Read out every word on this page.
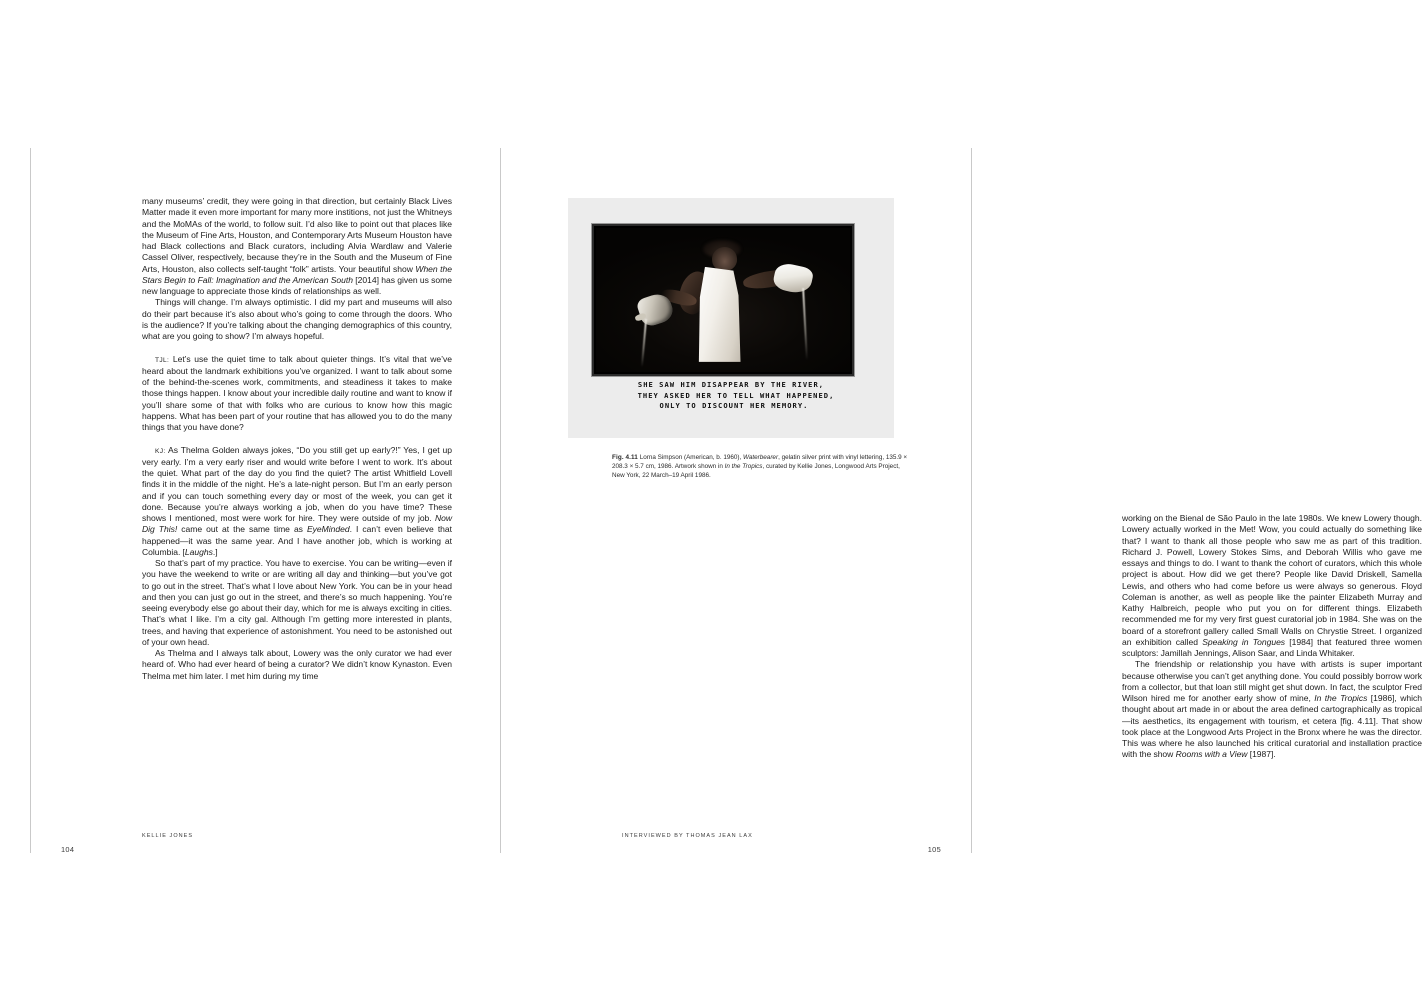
many museums’ credit, they were going in that direction, but certainly Black Lives Matter made it even more important for many more institions, not just the Whitneys and the MoMAs of the world, to follow suit. I’d also like to point out that places like the Museum of Fine Arts, Houston, and Contemporary Arts Museum Houston have had Black collections and Black curators, including Alvia Wardlaw and Valerie Cassel Oliver, respectively, because they’re in the South and the Museum of Fine Arts, Houston, also collects self-taught “folk” artists. Your beautiful show When the Stars Begin to Fall: Imagination and the American South [2014] has given us some new language to appreciate those kinds of relationships as well.

Things will change. I’m always optimistic. I did my part and museums will also do their part because it’s also about who’s going to come through the doors. Who is the audience? If you’re talking about the changing demographics of this country, what are you going to show? I’m always hopeful.

TJL: Let’s use the quiet time to talk about quieter things. It’s vital that we’ve heard about the landmark exhibitions you’ve organized. I want to talk about some of the behind-the-scenes work, commitments, and steadiness it takes to make those things happen. I know about your incredible daily routine and want to know if you’ll share some of that with folks who are curious to know how this magic happens. What has been part of your routine that has allowed you to do the many things that you have done?

KJ: As Thelma Golden always jokes, “Do you still get up early?!” Yes, I get up very early. I’m a very early riser and would write before I went to work. It’s about the quiet. What part of the day do you find the quiet? The artist Whitfield Lovell finds it in the middle of the night. He’s a late-night person. But I’m an early person and if you can touch something every day or most of the week, you can get it done. Because you’re always working a job, when do you have time? These shows I mentioned, most were work for hire. They were outside of my job. Now Dig This! came out at the same time as EyeMinded. I can’t even believe that happened—it was the same year. And I have another job, which is working at Columbia. [Laughs.]

So that’s part of my practice. You have to exercise. You can be writing—even if you have the weekend to write or are writing all day and thinking—but you’ve got to go out in the street. That’s what I love about New York. You can be in your head and then you can just go out in the street, and there’s so much happening. You’re seeing everybody else go about their day, which for me is always exciting in cities. That’s what I like. I’m a city gal. Although I’m getting more interested in plants, trees, and having that experience of astonishment. You need to be astonished out of your own head.

As Thelma and I always talk about, Lowery was the only curator we had ever heard of. Who had ever heard of being a curator? We didn’t know Kynaston. Even Thelma met him later. I met him during my time

KELLIE JONES
104
SHE SAW HIM DISAPPEAR BY THE RIVER,
THEY ASKED HER TO TELL WHAT HAPPENED,
ONLY TO DISCOUNT HER MEMORY.
Fig. 4.11 Lorna Simpson (American, b. 1960), Waterbearer, gelatin silver print with vinyl lettering, 135.9 × 208.3 × 5.7 cm, 1986. Artwork shown in In the Tropics, curated by Kellie Jones, Longwood Arts Project, New York, 22 March–19 April 1986.

working on the Bienal de São Paulo in the late 1980s. We knew Lowery though. Lowery actually worked in the Met! Wow, you could actually do something like that? I want to thank all those people who saw me as part of this tradition. Richard J. Powell, Lowery Stokes Sims, and Deborah Willis who gave me essays and things to do. I want to thank the cohort of curators, which this whole project is about. How did we get there? People like David Driskell, Samella Lewis, and others who had come before us were always so generous. Floyd Coleman is another, as well as people like the painter Elizabeth Murray and Kathy Halbreich, people who put you on for different things. Elizabeth recommended me for my very first guest curatorial job in 1984. She was on the board of a storefront gallery called Small Walls on Chrystie Street. I organized an exhibition called Speaking in Tongues [1984] that featured three women sculptors: Jamillah Jennings, Alison Saar, and Linda Whitaker.

The friendship or relationship you have with artists is super important because otherwise you can’t get anything done. You could possibly borrow work from a collector, but that loan still might get shut down. In fact, the sculptor Fred Wilson hired me for another early show of mine, In the Tropics [1986], which thought about art made in or about the area defined cartographically as tropical—its aesthetics, its engagement with tourism, et cetera [fig. 4.11]. That show took place at the Longwood Arts Project in the Bronx where he was the director. This was where he also launched his critical curatorial and installation practice with the show Rooms with a View [1987].

INTERVIEWED BY THOMAS JEAN LAX
105
